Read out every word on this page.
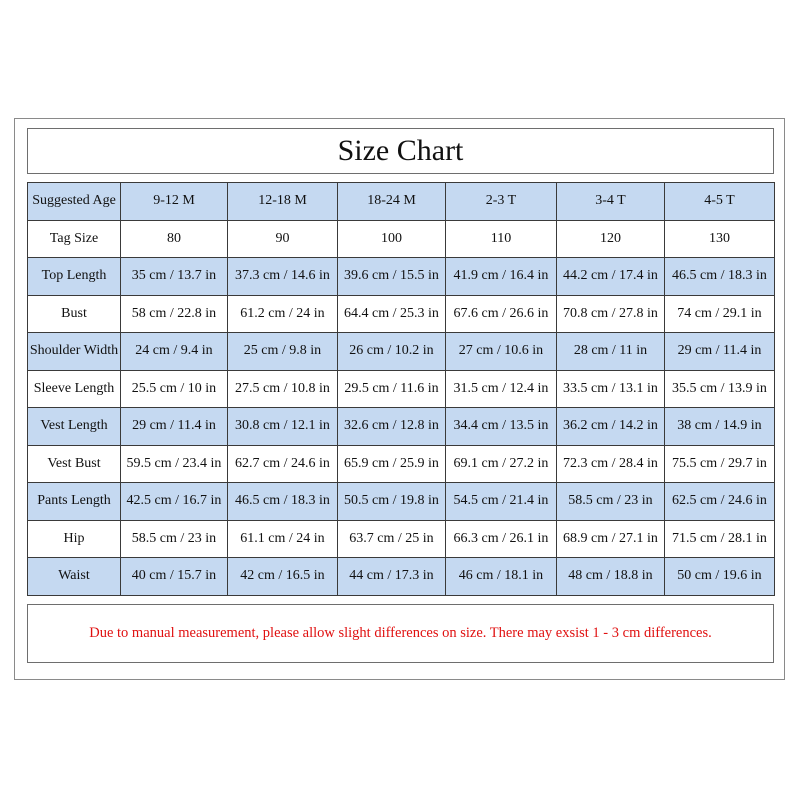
Size Chart
Suggested Age	9-12 M	12-18 M	18-24 M	2-3 T	3-4 T	4-5 T
Tag Size	80	90	100	110	120	130
Top Length	35 cm / 13.7 in	37.3 cm / 14.6 in	39.6 cm / 15.5 in	41.9 cm / 16.4 in	44.2 cm / 17.4 in	46.5 cm / 18.3 in
Bust	58 cm / 22.8 in	61.2 cm / 24 in	64.4 cm / 25.3 in	67.6 cm / 26.6 in	70.8 cm / 27.8 in	74 cm / 29.1 in
Shoulder Width	24 cm / 9.4 in	25 cm / 9.8 in	26 cm / 10.2 in	27 cm / 10.6 in	28 cm / 11 in	29 cm / 11.4 in
Sleeve Length	25.5 cm / 10 in	27.5 cm / 10.8 in	29.5 cm / 11.6 in	31.5 cm / 12.4 in	33.5 cm / 13.1 in	35.5 cm / 13.9 in
Vest Length	29 cm / 11.4 in	30.8 cm / 12.1 in	32.6 cm / 12.8 in	34.4 cm / 13.5 in	36.2 cm / 14.2 in	38 cm / 14.9 in
Vest Bust	59.5 cm / 23.4 in	62.7 cm / 24.6 in	65.9 cm / 25.9 in	69.1 cm / 27.2 in	72.3 cm / 28.4 in	75.5 cm / 29.7 in
Pants Length	42.5 cm / 16.7 in	46.5 cm / 18.3 in	50.5 cm / 19.8 in	54.5 cm / 21.4 in	58.5 cm / 23 in	62.5 cm / 24.6 in
Hip	58.5 cm / 23 in	61.1 cm / 24 in	63.7 cm / 25 in	66.3 cm / 26.1 in	68.9 cm / 27.1 in	71.5 cm / 28.1 in
Waist	40 cm / 15.7 in	42 cm / 16.5 in	44 cm / 17.3 in	46 cm / 18.1 in	48 cm / 18.8 in	50 cm / 19.6 in
Due to manual measurement, please allow slight differences on size. There may exsist 1 - 3 cm differences.
